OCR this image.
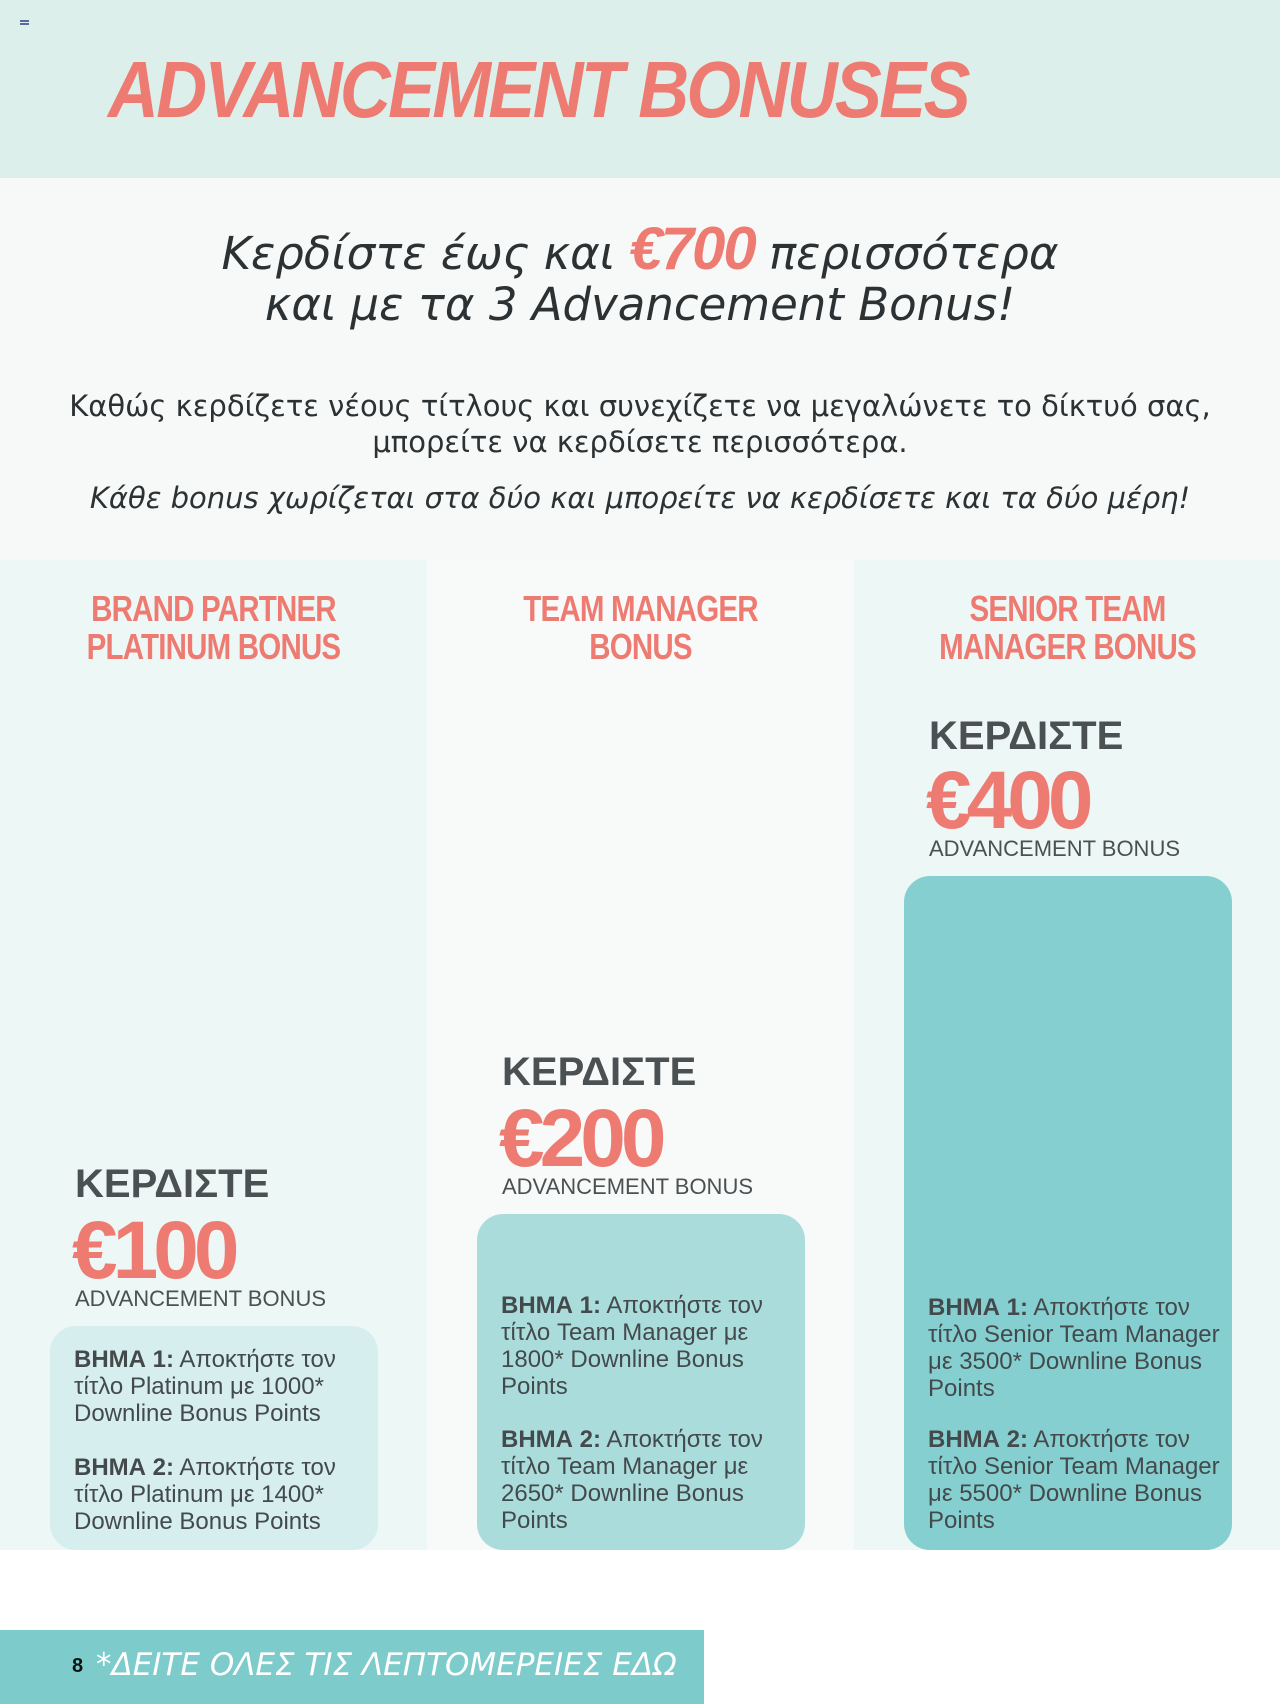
ADVANCEMENT BONUSES

Κερδίστε έως και €700 περισσότερα

και με τα 3 Advancement Bonus!

Καθώς κερδίζετε νέους τίτλους και συνεχίζετε να μεγαλώνετε το δίκτυό σας,

μπορείτε να κερδίσετε περισσότερα.

Κάθε bonus χωρίζεται στα δύο και μπορείτε να κερδίσετε και τα δύο μέρη!

BRAND PARTNER
PLATINUM BONUS

ΚΕΡΔΙΣΤΕ

€100

ADVANCEMENT BONUS

ΒΗΜΑ 1: Αποκτήστε τον τίτλο Platinum με 1000* Downline Bonus Points

ΒΗΜΑ 2: Αποκτήστε τον τίτλο Platinum με 1400* Downline Bonus Points

TEAM MANAGER
BONUS

ΚΕΡΔΙΣΤΕ

€200

ADVANCEMENT BONUS

ΒΗΜΑ 1: Αποκτήστε τον τίτλο Team Manager με 1800* Downline Bonus Points

ΒΗΜΑ 2: Αποκτήστε τον τίτλο Team Manager με 2650* Downline Bonus Points

SENIOR TEAM
MANAGER BONUS

ΚΕΡΔΙΣΤΕ

€400

ADVANCEMENT BONUS

ΒΗΜΑ 1: Αποκτήστε τον τίτλο Senior Team Manager με 3500* Downline Bonus Points

ΒΗΜΑ 2: Αποκτήστε τον τίτλο Senior Team Manager με 5500* Downline Bonus Points

8 *ΔΕΙΤΕ ΟΛΕΣ ΤΙΣ ΛΕΠΤΟΜΕΡΕΙΕΣ ΕΔΩ
